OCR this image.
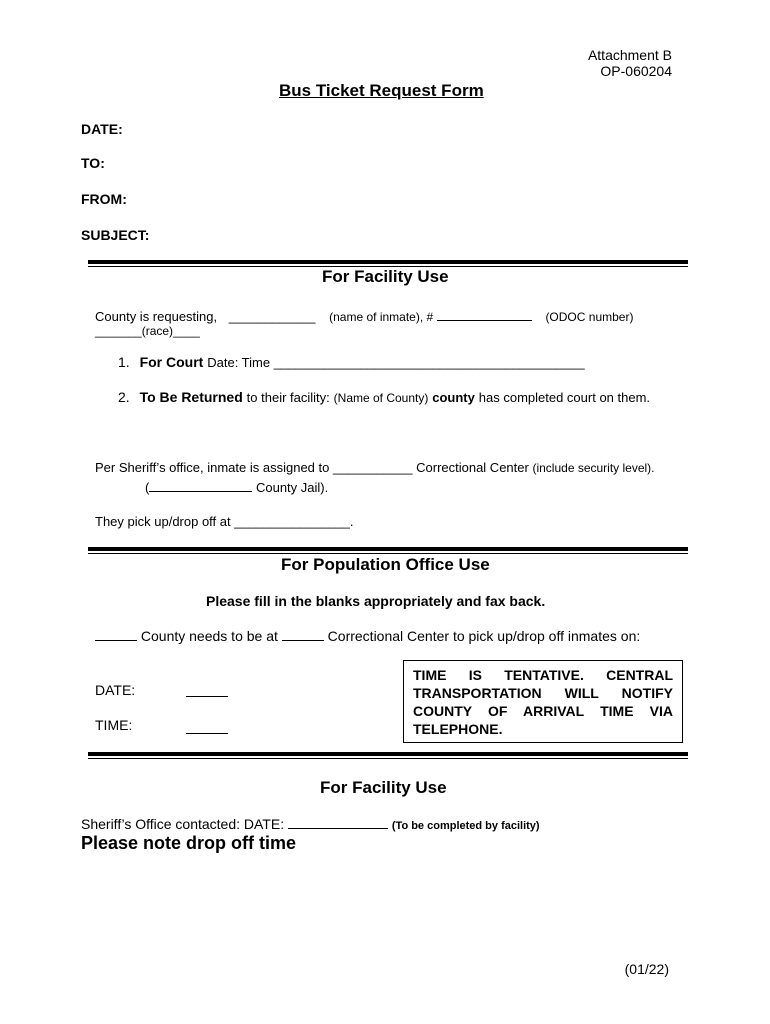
Attachment B
OP-060204
Bus Ticket Request Form
DATE:
TO:
FROM:
SUBJECT:
For Facility Use
County is requesting, ____________ (name of inmate), #	(ODOC number)
_______(race)____
1. For Court Date: Time ___________________________________________
2. To Be Returned to their facility: (Name of County) county has completed court on them.
Per Sheriff’s office, inmate is assigned to ___________ Correctional Center (include security level).
(	County Jail).
They pick up/drop off at ________________.
For Population Office Use
Please fill in the blanks appropriately and fax back.
County needs to be at	Correctional Center to pick up/drop off inmates on:
DATE:
TIME:
TIME IS TENTATIVE. CENTRAL
TRANSPORTATION WILL NOTIFY
COUNTY OF ARRIVAL TIME VIA
TELEPHONE.
For Facility Use
Sheriff’s Office contacted: DATE:	(To be completed by facility)
Please note drop off time
(01/22)
